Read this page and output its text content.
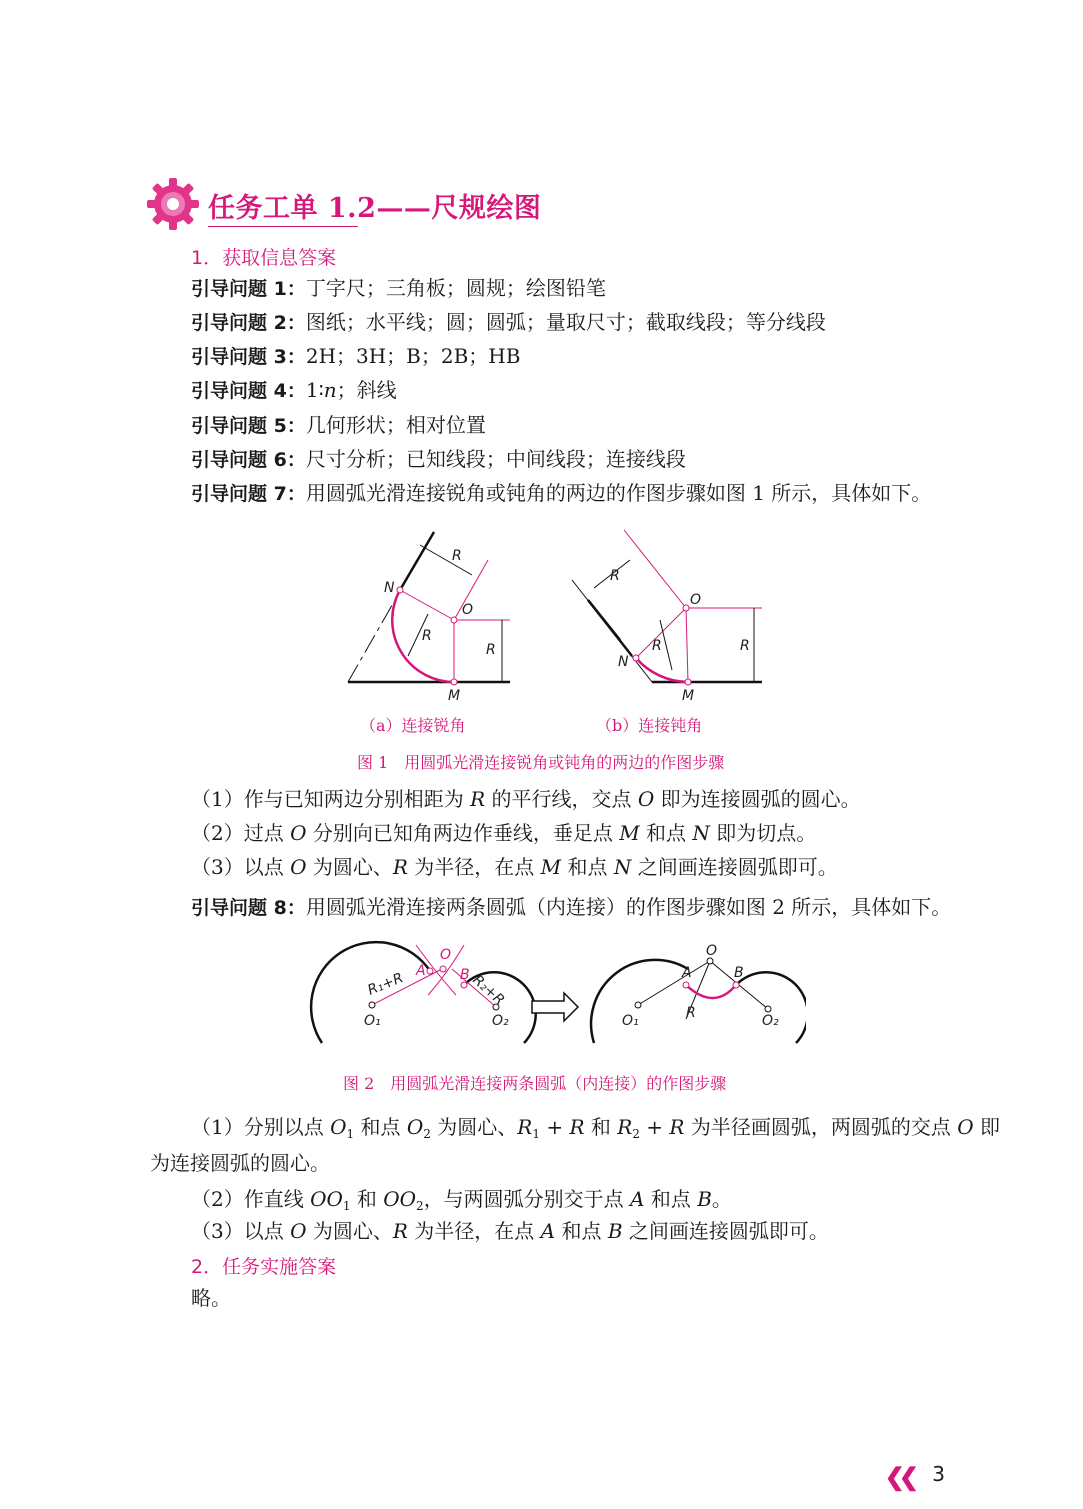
任务工单 1.2——尺规绘图
1．获取信息答案
引导问题 1：丁字尺；三角板；圆规；绘图铅笔
引导问题 2：图纸；水平线；圆；圆弧；量取尺寸；截取线段；等分线段
引导问题 3：2H；3H；B；2B；HB
引导问题 4：1∶n；斜线
引导问题 5：几何形状；相对位置
引导问题 6：尺寸分析；已知线段；中间线段；连接线段
引导问题 7：用圆弧光滑连接锐角或钝角的两边的作图步骤如图 1 所示，具体如下。
N
O
M
R
R
R
O
N
M
R
R
R
（a）连接锐角	（b）连接钝角
图 1　用圆弧光滑连接锐角或钝角的两边的作图步骤
（1）作与已知两边分别相距为 R 的平行线，交点 O 即为连接圆弧的圆心。
（2）过点 O 分别向已知角两边作垂线，垂足点 M 和点 N 即为切点。
（3）以点 O 为圆心、R 为半径，在点 M 和点 N 之间画连接圆弧即可。
引导问题 8：用圆弧光滑连接两条圆弧（内连接）的作图步骤如图 2 所示，具体如下。
O₁	O₂
A B
O
R₁+R	R₂+R
O₁	O₂
A	B
O
R
图 2　用圆弧光滑连接两条圆弧（内连接）的作图步骤
（1）分别以点 $O_1$ 和点 $O_2$ 为圆心、$R_1 + R$ 和 $R_2 + R$ 为半径画圆弧，两圆弧的交点 O 即
为连接圆弧的圆心。
（2）作直线 $OO_1$ 和 $OO_2$，与两圆弧分别交于点 A 和点 B。
（3）以点 O 为圆心、R 为半径，在点 A 和点 B 之间画连接圆弧即可。
2．任务实施答案
略。
❮❮ 3
